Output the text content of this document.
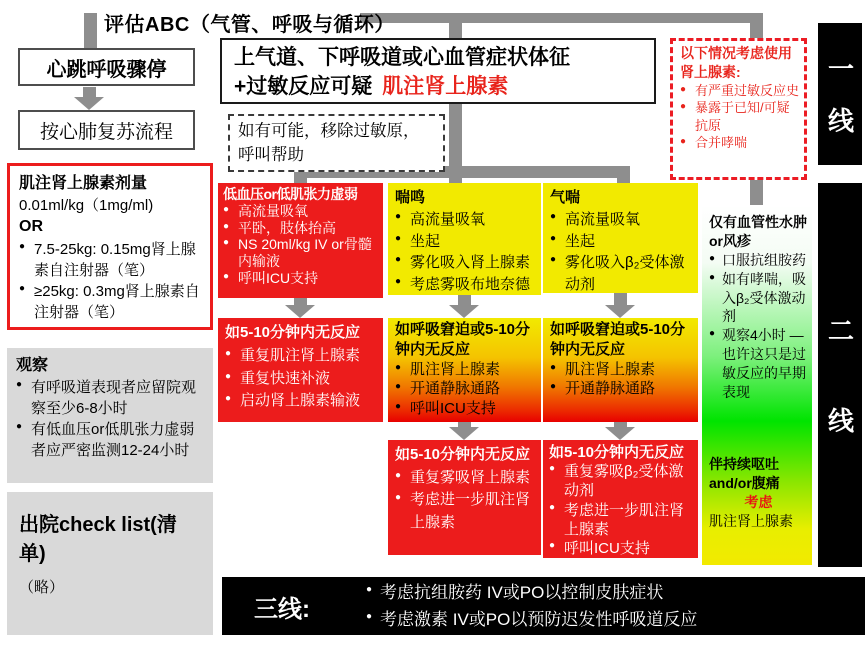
评估ABC（气管、呼吸与循环）
心跳呼吸骤停
按心肺复苏流程
肌注肾上腺素剂量
0.01ml/kg（1mg/ml)
OR
● 7.5-25kg: 0.15mg肾上腺素自注射器（笔）
● ≥25kg: 0.3mg肾上腺素自注射器（笔）
观察
● 有呼吸道表现者应留院观察至少6-8小时
● 有低血压or低肌张力虚弱者应严密监测12-24小时
出院check list(清单)
（略）
上气道、下呼吸道或心血管症状体征
+过敏反应可疑 肌注肾上腺素
如有可能，移除过敏原，呼叫帮助
以下情况考虑使用肾上腺素:
● 有严重过敏反应史
● 暴露于已知/可疑抗原
● 合并哮喘
低血压or低肌张力虚弱
● 高流量吸氧
● 平卧，肢体抬高
● NS 20ml/kg IV or骨髓内输液
● 呼叫ICU支持
如5-10分钟内无反应
● 重复肌注肾上腺素
● 重复快速补液
● 启动肾上腺素输液
喘鸣
● 高流量吸氧
● 坐起
● 雾化吸入肾上腺素
● 考虑雾吸布地奈德
如呼吸窘迫或5-10分钟内无反应
● 肌注肾上腺素
● 开通静脉通路
● 呼叫ICU支持
如5-10分钟内无反应
● 重复雾吸肾上腺素
● 考虑进一步肌注肾上腺素
气喘
● 高流量吸氧
● 坐起
● 雾化吸入β₂受体激动剂
如呼吸窘迫或5-10分钟内无反应
● 肌注肾上腺素
● 开通静脉通路
如5-10分钟内无反应
● 重复雾吸β₂受体激动剂
● 考虑进一步肌注肾上腺素
● 呼叫ICU支持
仅有血管性水肿or风疹
● 口服抗组胺药
● 如有哮喘，吸入β₂受体激动剂
● 观察4小时 —也许这只是过敏反应的早期表现
伴持续呕吐
and/or腹痛
考虑
肌注肾上腺素
一线
二线
三线:
● 考虑抗组胺药 IV或PO以控制皮肤症状
● 考虑激素 IV或PO以预防迟发性呼吸道反应
